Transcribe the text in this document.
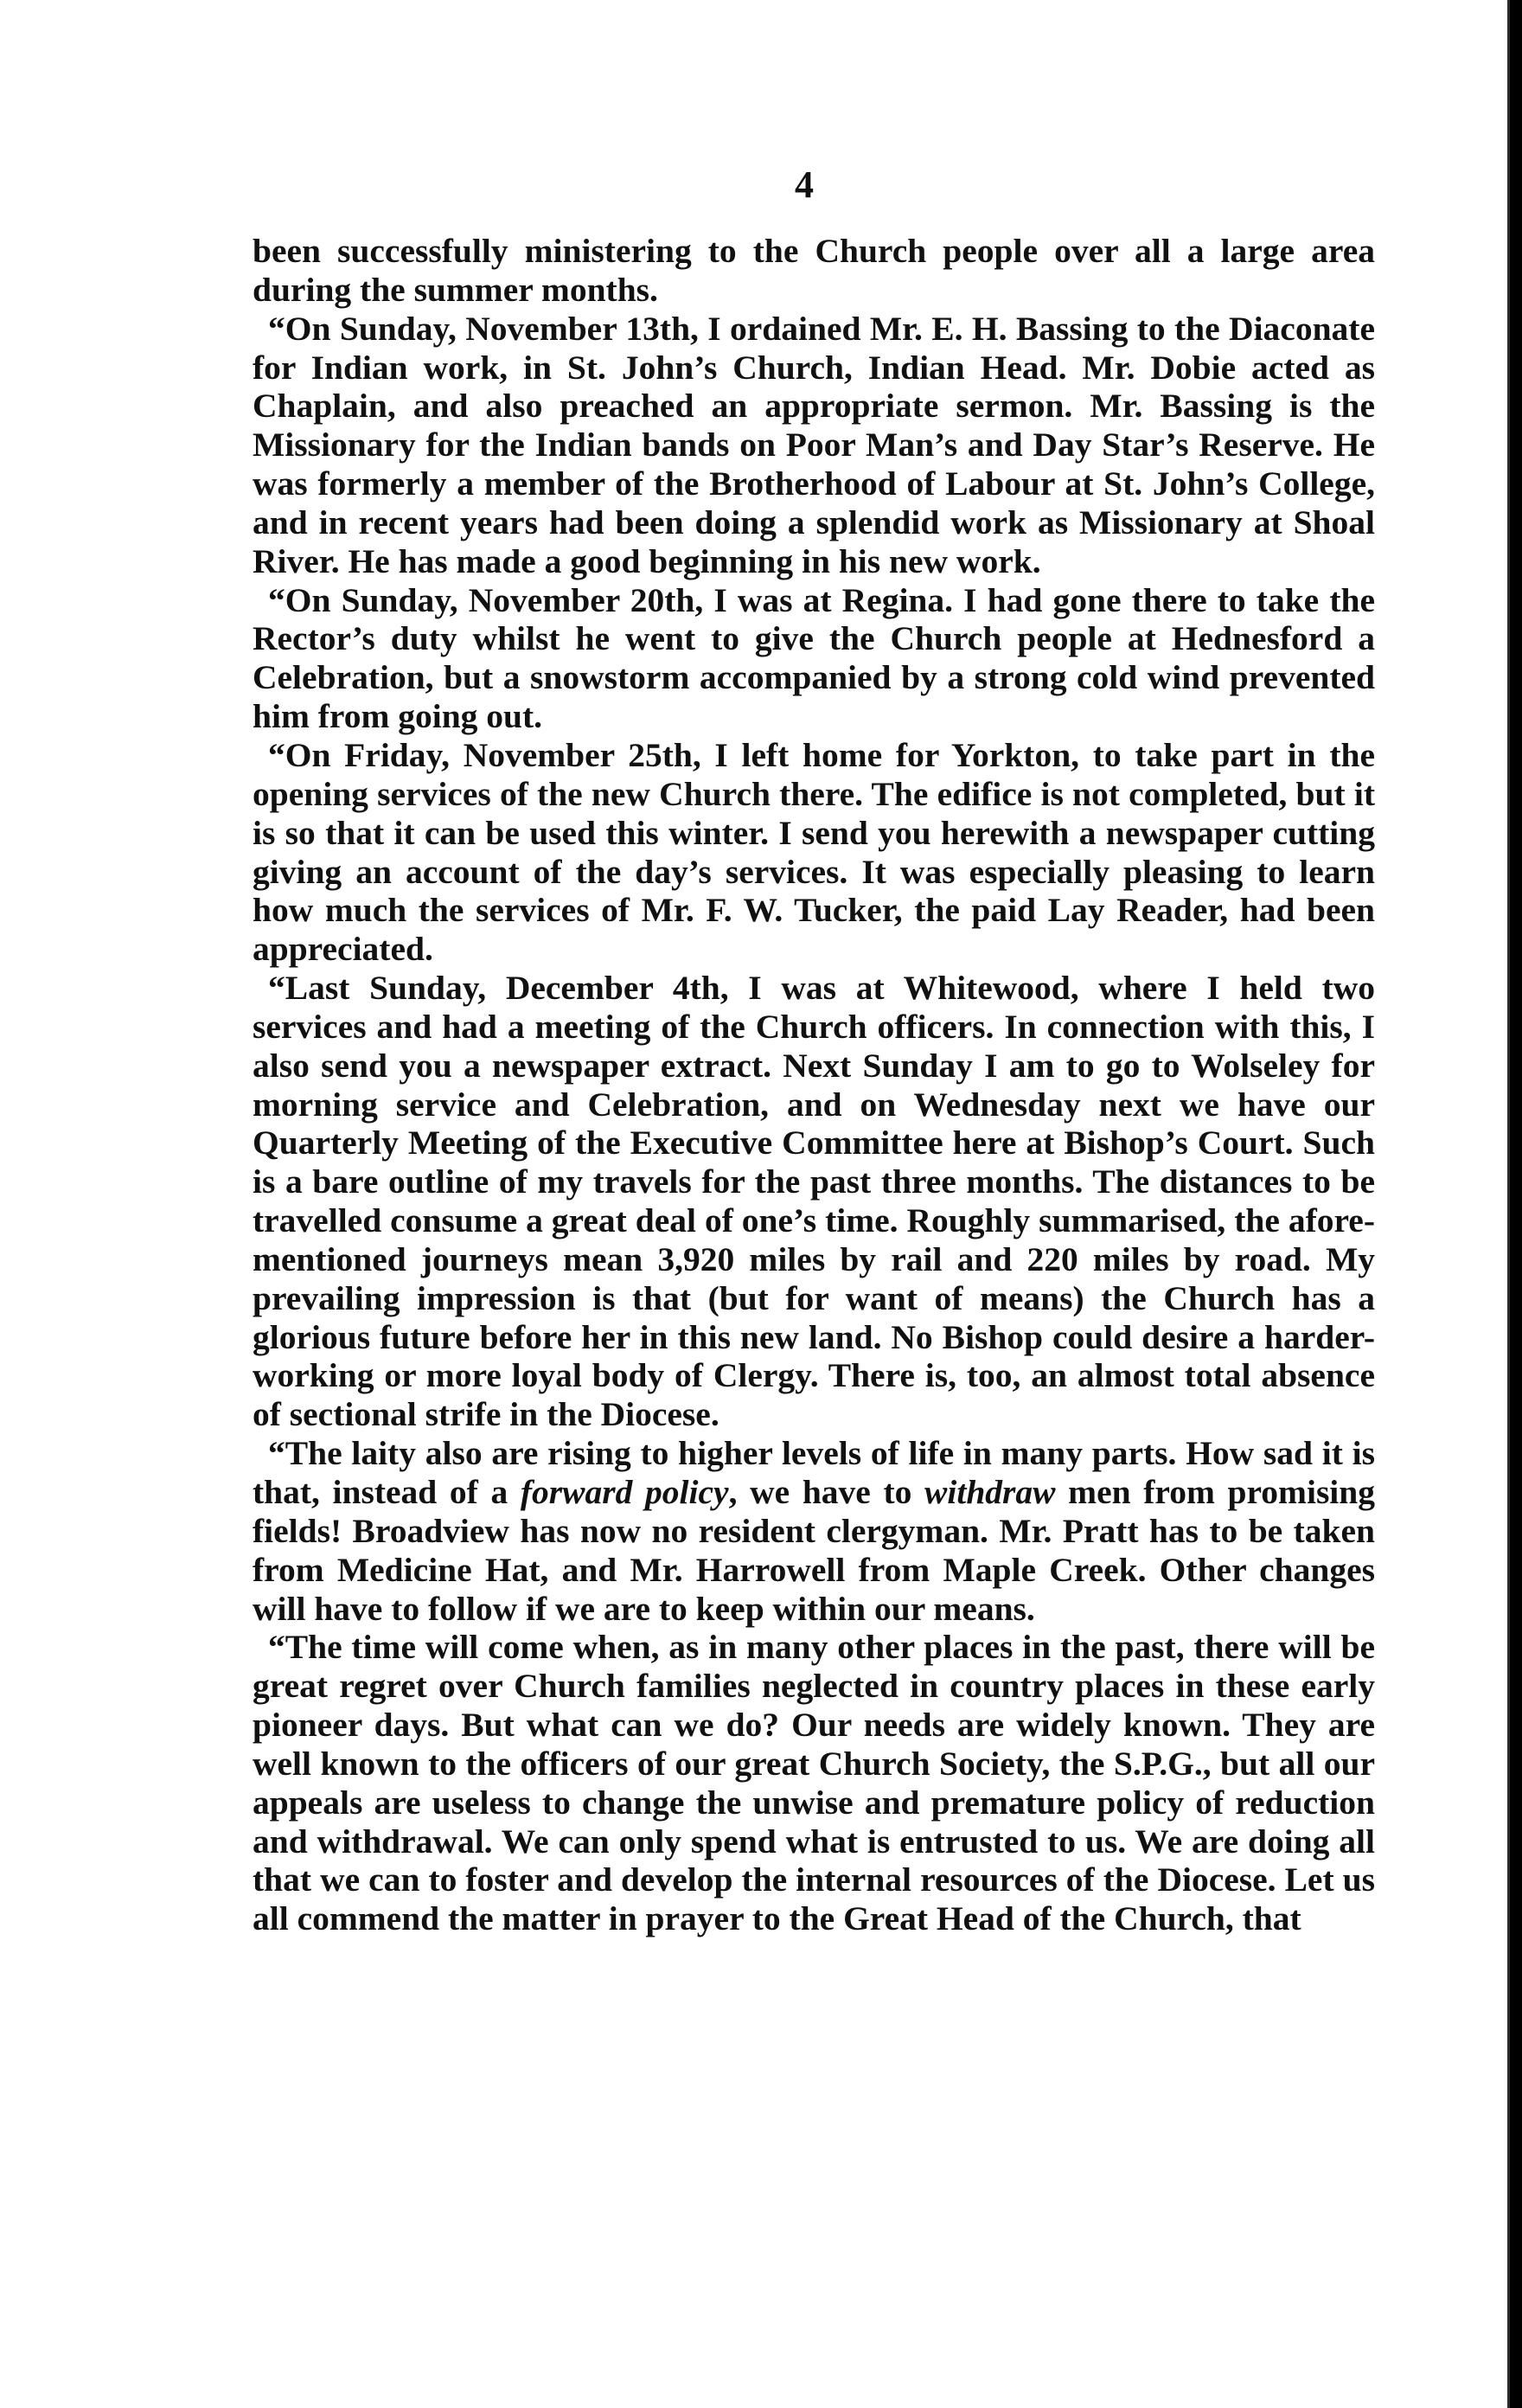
4

been successfully ministering to the Church people over all a large area during the summer months.

“On Sunday, November 13th, I ordained Mr. E. H. Bassing to the Diaconate for Indian work, in St. John’s Church, Indian Head. Mr. Dobie acted as Chaplain, and also preached an appropriate sermon. Mr. Bassing is the Missionary for the Indian bands on Poor Man’s and Day Star’s Reserve. He was formerly a member of the Brotherhood of Labour at St. John’s College, and in recent years had been doing a splendid work as Missionary at Shoal River. He has made a good beginning in his new work.

“On Sunday, November 20th, I was at Regina. I had gone there to take the Rector’s duty whilst he went to give the Church people at Hednesford a Celebration, but a snowstorm accompanied by a strong cold wind prevented him from going out.

“On Friday, November 25th, I left home for Yorkton, to take part in the opening services of the new Church there. The edifice is not completed, but it is so that it can be used this winter. I send you herewith a newspaper cutting giving an account of the day’s services. It was especially pleasing to learn how much the services of Mr. F. W. Tucker, the paid Lay Reader, had been appreciated.

“Last Sunday, December 4th, I was at Whitewood, where I held two services and had a meeting of the Church officers. In connection with this, I also send you a newspaper extract. Next Sunday I am to go to Wolseley for morning service and Celebration, and on Wednesday next we have our Quarterly Meeting of the Executive Committee here at Bishop’s Court. Such is a bare outline of my travels for the past three months. The distances to be travelled consume a great deal of one’s time. Roughly summarised, the afore-mentioned journeys mean 3,920 miles by rail and 220 miles by road. My prevailing impression is that (but for want of means) the Church has a glorious future before her in this new land. No Bishop could desire a harder-working or more loyal body of Clergy. There is, too, an almost total absence of sectional strife in the Diocese.

“The laity also are rising to higher levels of life in many parts. How sad it is that, instead of a forward policy, we have to withdraw men from promising fields! Broadview has now no resident clergyman. Mr. Pratt has to be taken from Medicine Hat, and Mr. Harrowell from Maple Creek. Other changes will have to follow if we are to keep within our means.

“The time will come when, as in many other places in the past, there will be great regret over Church families neglected in country places in these early pioneer days. But what can we do? Our needs are widely known. They are well known to the officers of our great Church Society, the S.P.G., but all our appeals are useless to change the unwise and premature policy of reduction and withdrawal. We can only spend what is entrusted to us. We are doing all that we can to foster and develop the internal resources of the Diocese. Let us all commend the matter in prayer to the Great Head of the Church, that
